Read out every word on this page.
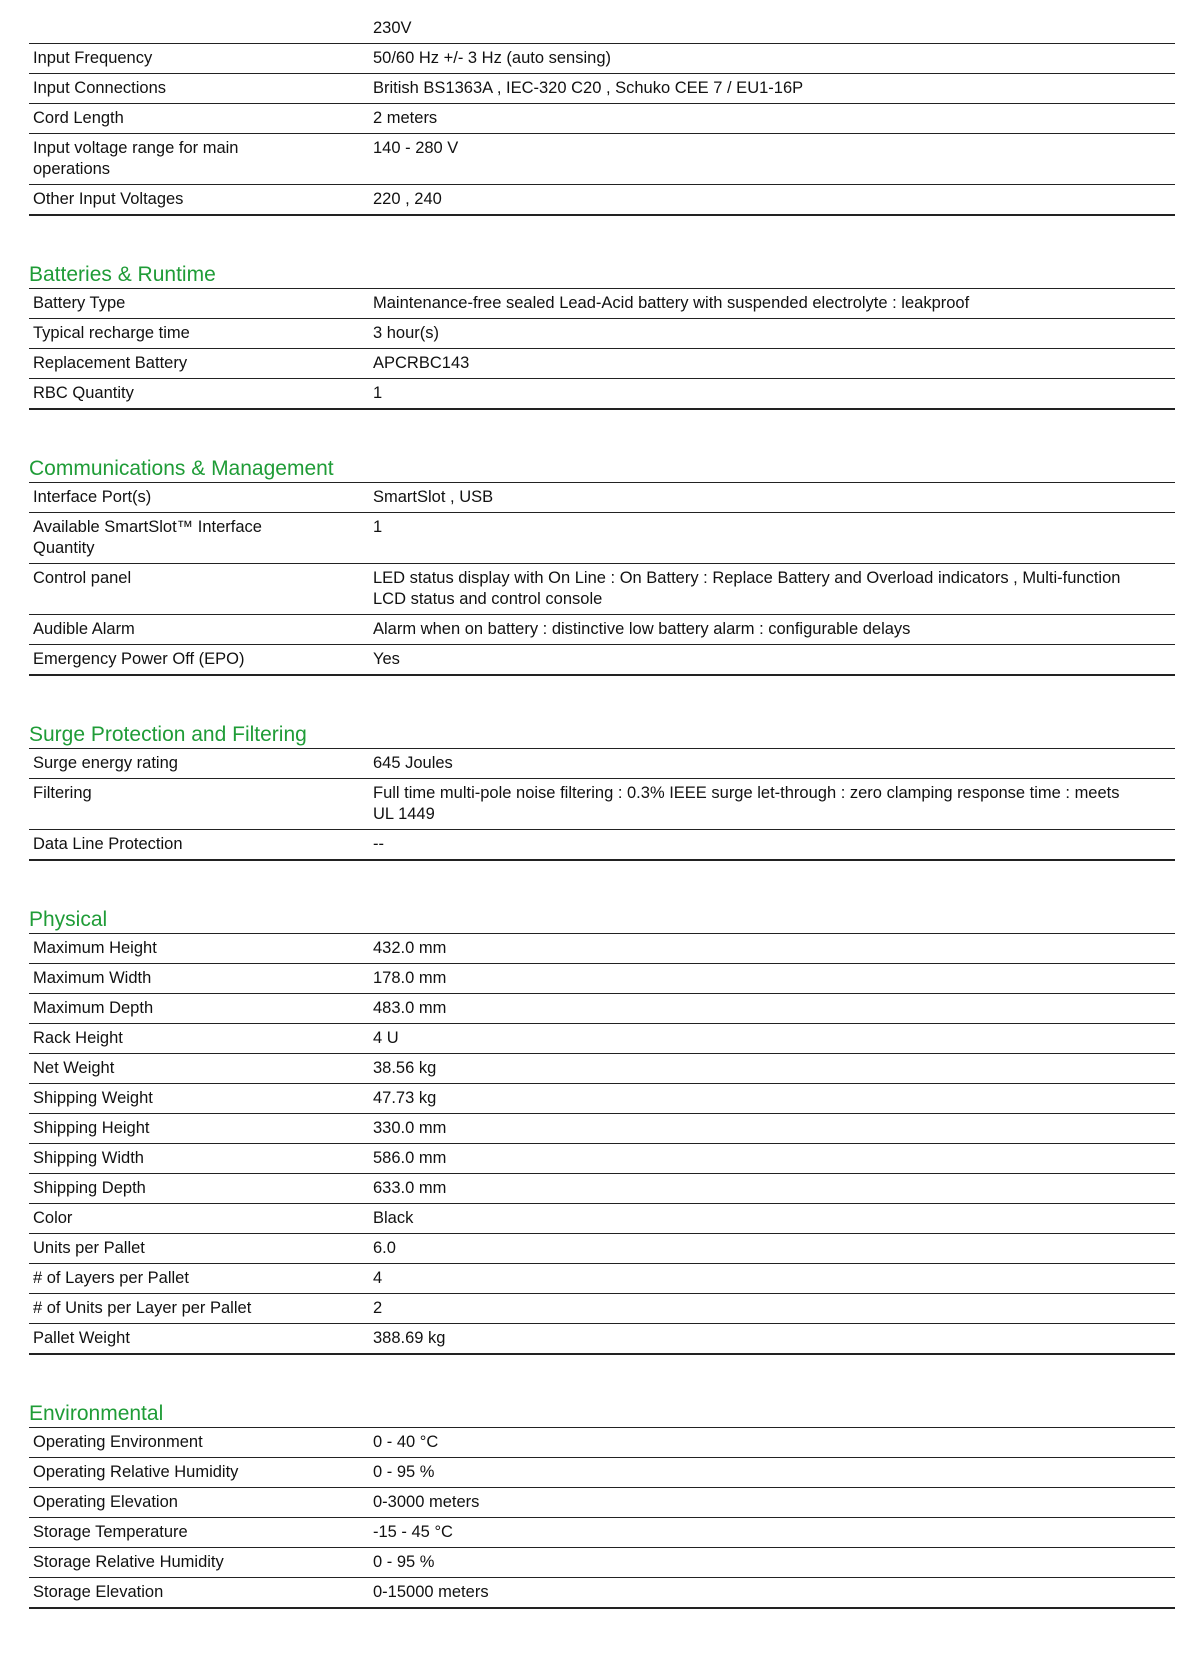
	230V
Input Frequency	50/60 Hz +/- 3 Hz (auto sensing)
Input Connections	British BS1363A , IEC-320 C20 , Schuko CEE 7 / EU1-16P
Cord Length	2 meters
Input voltage range for main operations	140 - 280 V
Other Input Voltages	220 , 240
Batteries & Runtime
Battery Type	Maintenance-free sealed Lead-Acid battery with suspended electrolyte : leakproof
Typical recharge time	3 hour(s)
Replacement Battery	APCRBC143
RBC Quantity	1
Communications & Management
Interface Port(s)	SmartSlot , USB
Available SmartSlot™ Interface Quantity	1
Control panel	LED status display with On Line : On Battery : Replace Battery and Overload indicators , Multi-function LCD status and control console
Audible Alarm	Alarm when on battery : distinctive low battery alarm : configurable delays
Emergency Power Off (EPO)	Yes
Surge Protection and Filtering
Surge energy rating	645 Joules
Filtering	Full time multi-pole noise filtering : 0.3% IEEE surge let-through : zero clamping response time : meets UL 1449
Data Line Protection	--
Physical
Maximum Height	432.0 mm
Maximum Width	178.0 mm
Maximum Depth	483.0 mm
Rack Height	4 U
Net Weight	38.56 kg
Shipping Weight	47.73 kg
Shipping Height	330.0 mm
Shipping Width	586.0 mm
Shipping Depth	633.0 mm
Color	Black
Units per Pallet	6.0
# of Layers per Pallet	4
# of Units per Layer per Pallet	2
Pallet Weight	388.69 kg
Environmental
Operating Environment	0 - 40 °C
Operating Relative Humidity	0 - 95 %
Operating Elevation	0-3000 meters
Storage Temperature	-15 - 45 °C
Storage Relative Humidity	0 - 95 %
Storage Elevation	0-15000 meters
